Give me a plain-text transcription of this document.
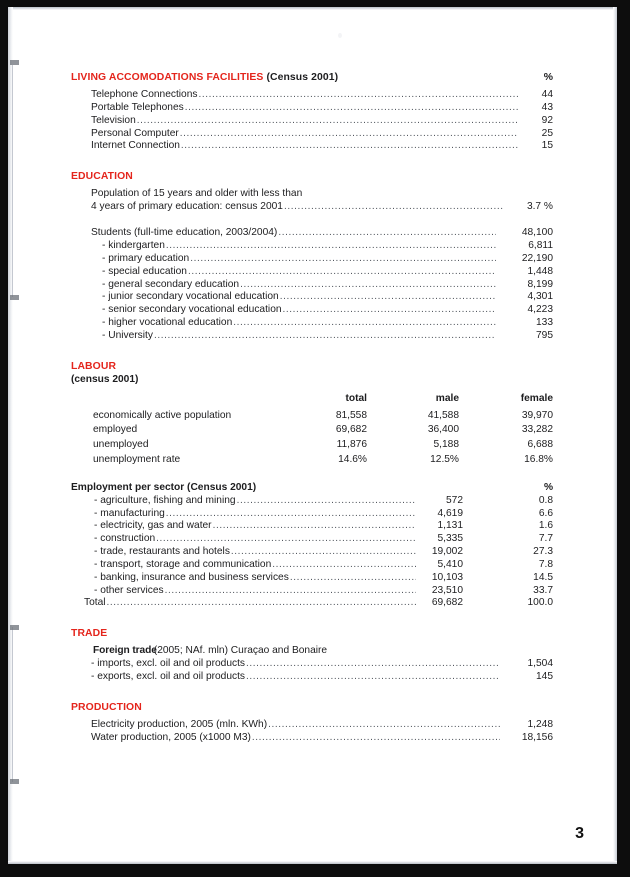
LIVING ACCOMODATIONS FACILITIES (Census 2001)	%
Telephone Connections .....	44
Portable Telephones .....	43
Television .....	92
Personal Computer .....	25
Internet Connection .....	15
EDUCATION
Population of 15 years and older with less than
4 years of primary education: census 2001 .....	3.7 %
Students (full-time education, 2003/2004) .....	48,100
- kindergarten .....	6,811
- primary education .....	22,190
- special education .....	1,448
- general secondary education .....	8,199
- junior secondary vocational education .....	4,301
- senior secondary vocational education .....	4,223
- higher vocational education .....	133
- University .....	795
LABOUR
(census 2001)
	total	male	female
economically active population	81,558	41,588	39,970
employed	69,682	36,400	33,282
unemployed	11,876	5,188	6,688
unemployment rate	14.6%	12.5%	16.8%
Employment per sector (Census 2001)	%
- agriculture, fishing and mining .....	572	0.8
- manufacturing .....	4,619	6.6
- electricity, gas and water .....	1,131	1.6
- construction .....	5,335	7.7
- trade, restaurants and hotels .....	19,002	27.3
- transport, storage and communication .....	5,410	7.8
- banking, insurance and business services .....	10,103	14.5
- other services .....	23,510	33.7
Total .....	69,682	100.0
TRADE
Foreign trade(2005; NAf. mln) Curaçao and Bonaire
- imports, excl. oil and oil products .....	1,504
- exports, excl. oil and oil products .....	145
PRODUCTION
Electricity production, 2005 (mln. KWh) .....	1,248
Water production, 2005 (x1000 M3) .....	18,156
3
